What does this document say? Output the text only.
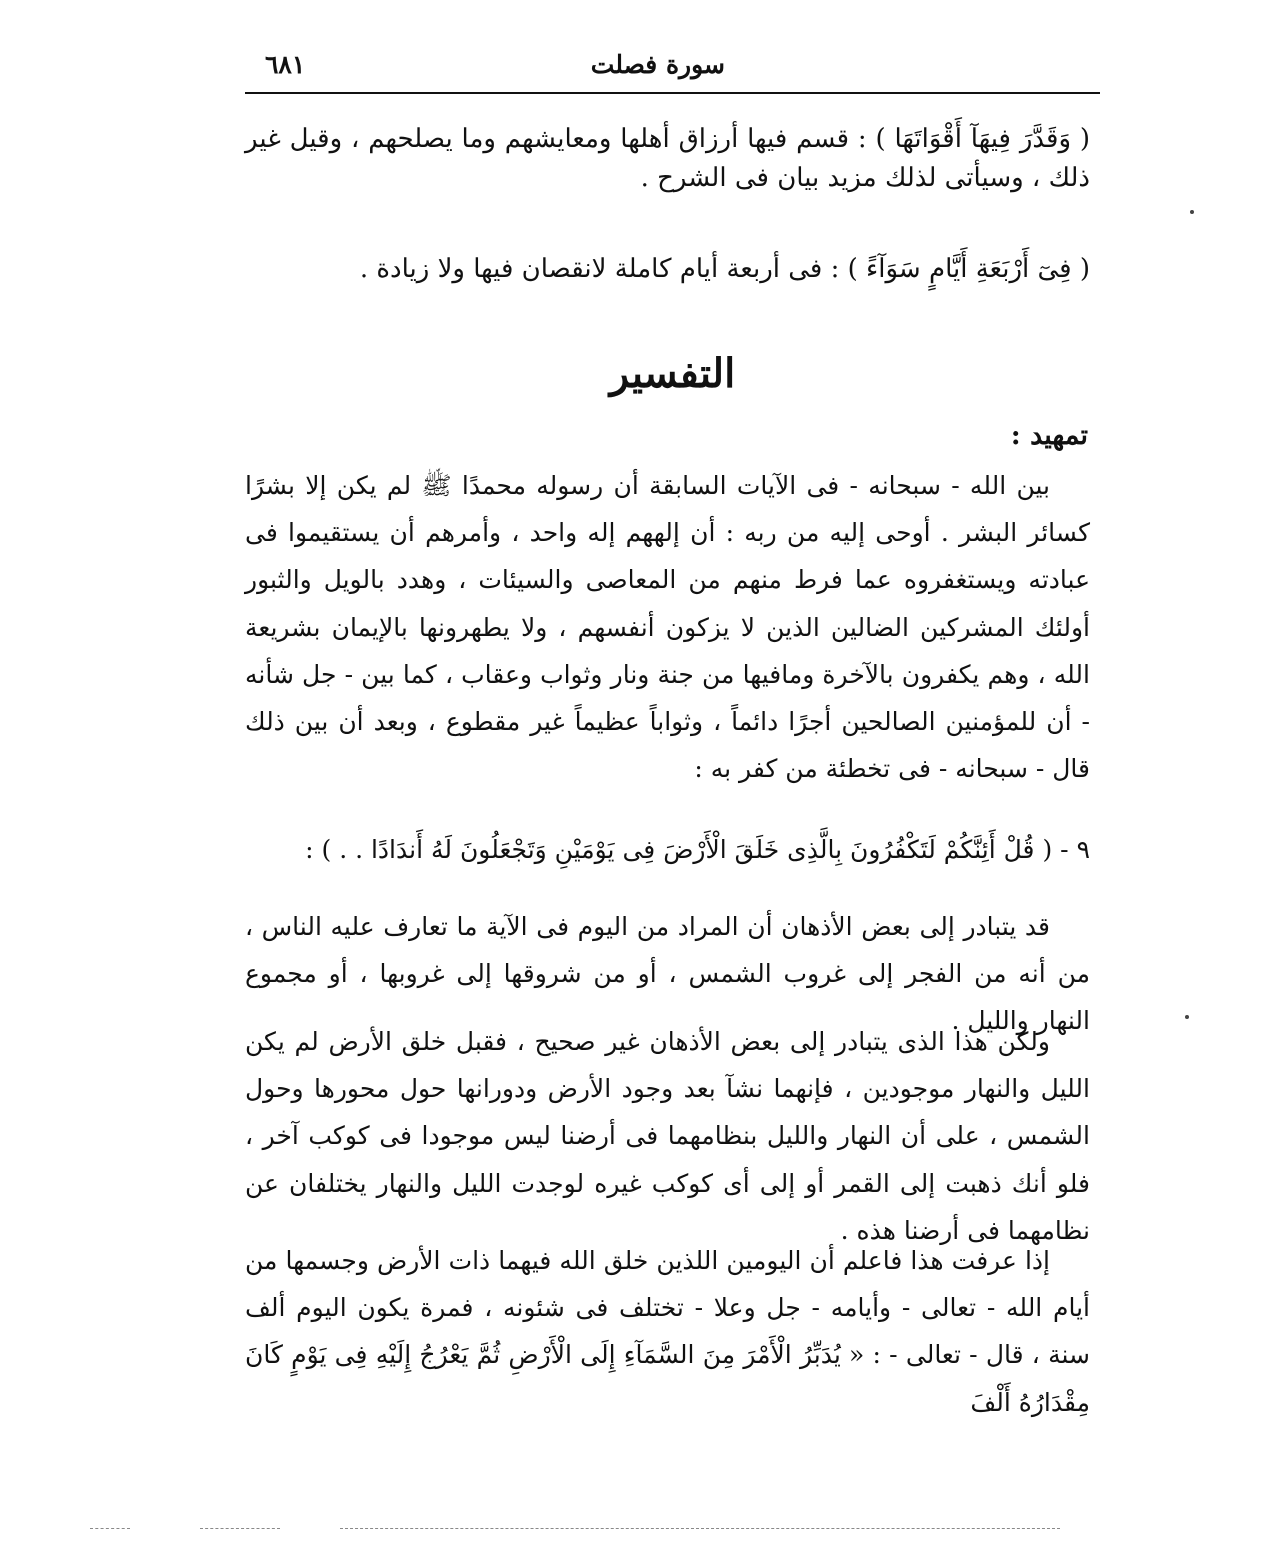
سورة فصلت
٦٨١
( وَقَدَّرَ فِيهَآ أَقْوَاتَهَا ) : قسم فيها أرزاق أهلها ومعايشهم وما يصلحهم ، وقيل غير ذلك ، وسيأتى لذلك مزيد بيان فى الشرح .
( فِىٓ أَرْبَعَةِ أَيَّامٍ سَوَآءً ) : فى أربعة أيام كاملة لانقصان فيها ولا زيادة .
التفسير
تمهيد :
بين الله - سبحانه - فى الآيات السابقة أن رسوله محمدًا ﷺ لم يكن إلا بشرًا كسائر البشر . أوحى إليه من ربه : أن إلههم إله واحد ، وأمرهم أن يستقيموا فى عبادته ويستغفروه عما فرط منهم من المعاصى والسيئات ، وهدد بالويل والثبور أولئك المشركين الضالين الذين لا يزكون أنفسهم ، ولا يطهرونها بالإيمان بشريعة الله ، وهم يكفرون بالآخرة ومافيها من جنة ونار وثواب وعقاب ، كما بين - جل شأنه - أن للمؤمنين الصالحين أجرًا دائماً ، وثواباً عظيماً غير مقطوع ، وبعد أن بين ذلك قال - سبحانه - فى تخطئة من كفر به :
٩ - ( قُلْ أَئِنَّكُمْ لَتَكْفُرُونَ بِالَّذِى خَلَقَ الْأَرْضَ فِى يَوْمَيْنِ وَتَجْعَلُونَ لَهُ أَندَادًا . . ) :
قد يتبادر إلى بعض الأذهان أن المراد من اليوم فى الآية ما تعارف عليه الناس ، من أنه من الفجر إلى غروب الشمس ، أو من شروقها إلى غروبها ، أو مجموع النهار والليل .
ولكن هذا الذى يتبادر إلى بعض الأذهان غير صحيح ، فقبل خلق الأرض لم يكن الليل والنهار موجودين ، فإنهما نشآ بعد وجود الأرض ودورانها حول محورها وحول الشمس ، على أن النهار والليل بنظامهما فى أرضنا ليس موجودا فى كوكب آخر ، فلو أنك ذهبت إلى القمر أو إلى أى كوكب غيره لوجدت الليل والنهار يختلفان عن نظامهما فى أرضنا هذه .
إذا عرفت هذا فاعلم أن اليومين اللذين خلق الله فيهما ذات الأرض وجسمها من أيام الله - تعالى - وأيامه - جل وعلا - تختلف فى شئونه ، فمرة يكون اليوم ألف سنة ، قال - تعالى - : « يُدَبِّرُ الْأَمْرَ مِنَ السَّمَآءِ إِلَى الْأَرْضِ ثُمَّ يَعْرُجُ إِلَيْهِ فِى يَوْمٍ كَانَ مِقْدَارُهُ أَلْفَ
